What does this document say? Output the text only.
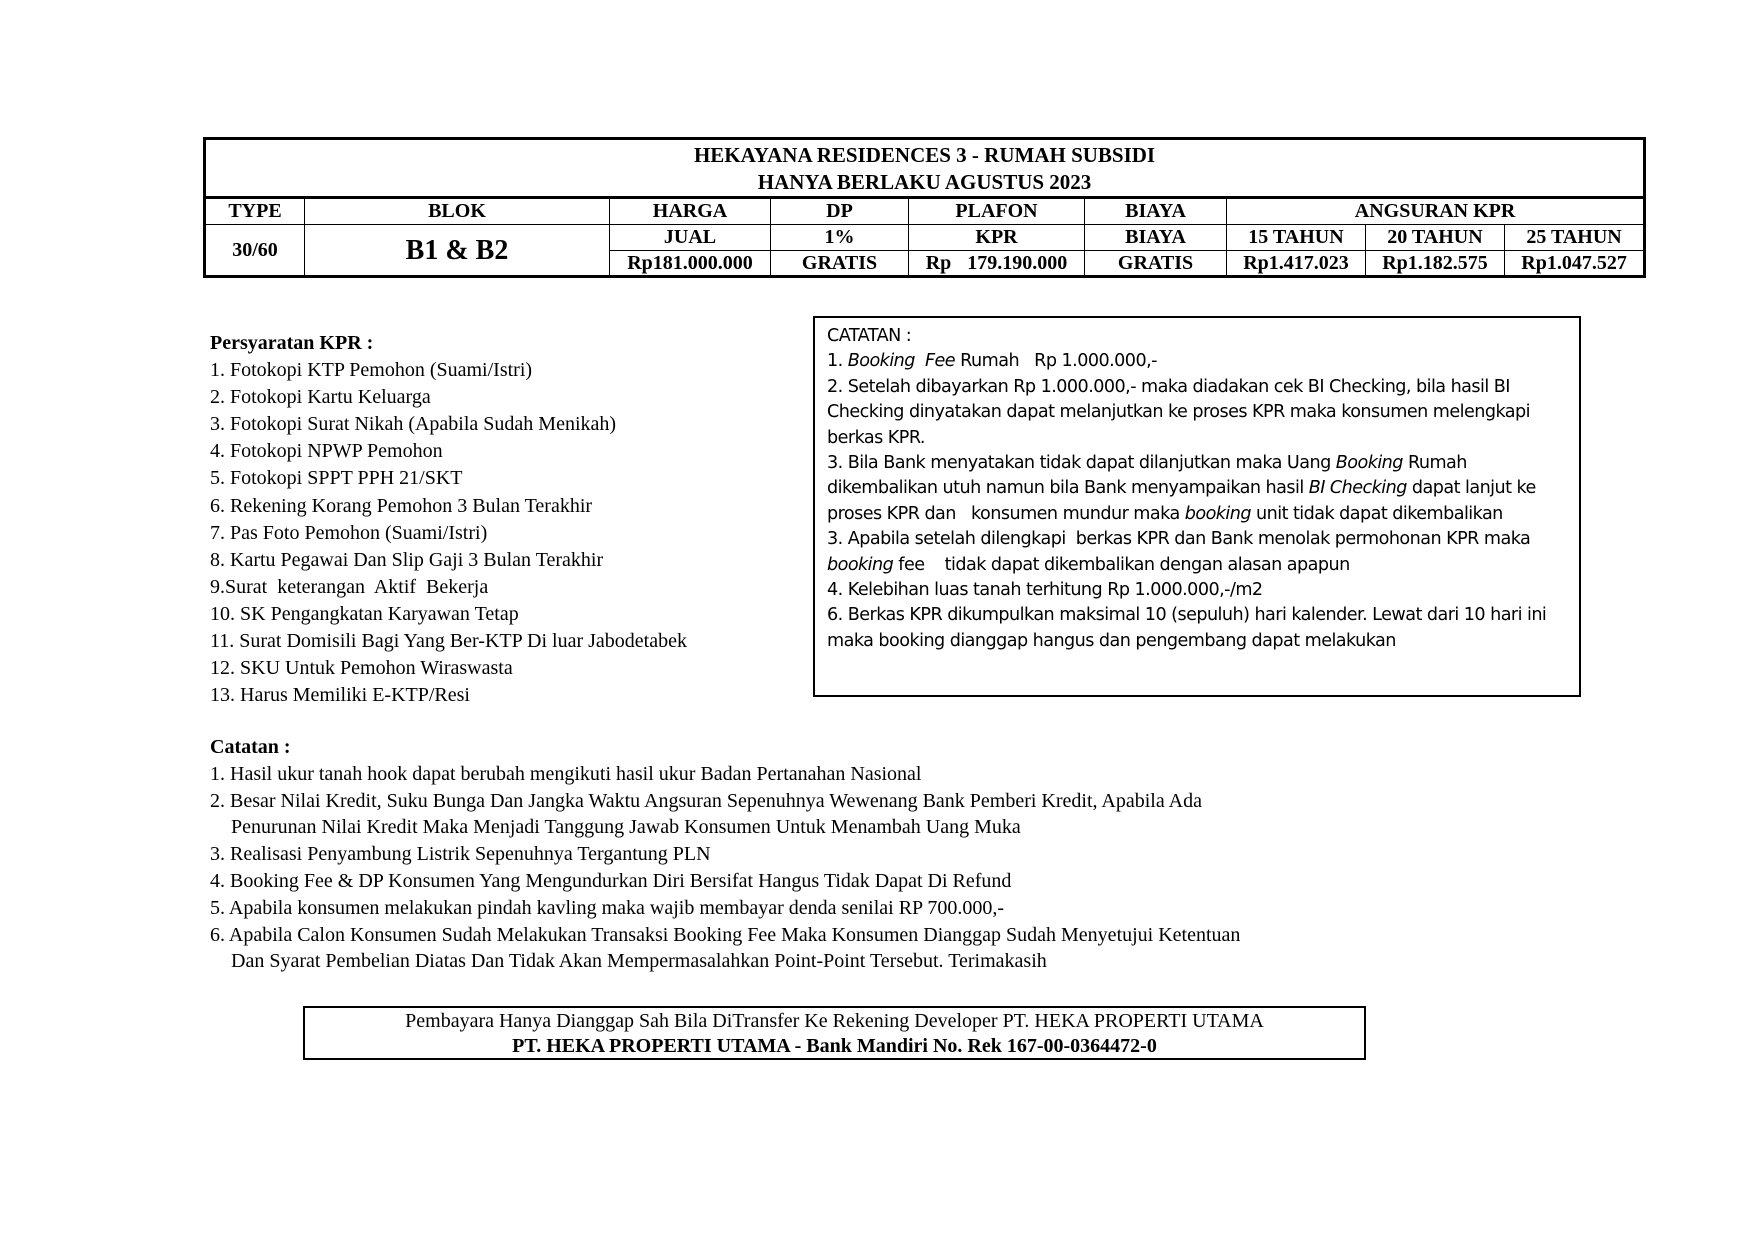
HEKAYANA RESIDENCES 3 - RUMAH SUBSIDI
HANYA BERLAKU AGUSTUS 2023								

TYPE	BLOK	HARGA	DP	PLAFON	BIAYA	ANGSURAN KPR		
30/60	B1 & B2	JUAL	1%	KPR	BIAYA	15 TAHUN	20 TAHUN	25 TAHUN
		Rp181.000.000	GRATIS	Rp 179.190.000	GRATIS	Rp1.417.023	Rp1.182.575	Rp1.047.527
Persyaratan KPR :
1. Fotokopi KTP Pemohon (Suami/Istri)
2. Fotokopi Kartu Keluarga
3. Fotokopi Surat Nikah (Apabila Sudah Menikah)
4. Fotokopi NPWP Pemohon
5. Fotokopi SPPT PPH 21/SKT
6. Rekening Korang Pemohon 3 Bulan Terakhir
7. Pas Foto Pemohon (Suami/Istri)
8. Kartu Pegawai Dan Slip Gaji 3 Bulan Terakhir
9.Surat  keterangan  Aktif  Bekerja
10. SK Pengangkatan Karyawan Tetap
11. Surat Domisili Bagi Yang Ber-KTP Di luar Jabodetabek
12. SKU Untuk Pemohon Wiraswasta
13. Harus Memiliki E-KTP/Resi

CATATAN :

1. Booking  Fee Rumah   Rp 1.000.000,-

2. Setelah dibayarkan Rp 1.000.000,- maka diadakan cek BI Checking, bila hasil BI Checking dinyatakan dapat melanjutkan ke proses KPR maka konsumen melengkapi berkas KPR.

3. Bila Bank menyatakan tidak dapat dilanjutkan maka Uang Booking Rumah dikembalikan utuh namun bila Bank menyampaikan hasil BI Checking dapat lanjut ke proses KPR dan   konsumen mundur maka booking unit tidak dapat dikembalikan

3. Apabila setelah dilengkapi  berkas KPR dan Bank menolak permohonan KPR maka booking fee    tidak dapat dikembalikan dengan alasan apapun

4. Kelebihan luas tanah terhitung Rp 1.000.000,-/m2

6. Berkas KPR dikumpulkan maksimal 10 (sepuluh) hari kalender. Lewat dari 10 hari ini maka booking dianggap hangus dan pengembang dapat melakukan

Catatan :
1. Hasil ukur tanah hook dapat berubah mengikuti hasil ukur Badan Pertanahan Nasional
2. Besar Nilai Kredit, Suku Bunga Dan Jangka Waktu Angsuran Sepenuhnya Wewenang Bank Pemberi Kredit, Apabila Ada
Penurunan Nilai Kredit Maka Menjadi Tanggung Jawab Konsumen Untuk Menambah Uang Muka
3. Realisasi Penyambung Listrik Sepenuhnya Tergantung PLN
4. Booking Fee & DP Konsumen Yang Mengundurkan Diri Bersifat Hangus Tidak Dapat Di Refund
5. Apabila konsumen melakukan pindah kavling maka wajib membayar denda senilai RP 700.000,-
6. Apabila Calon Konsumen Sudah Melakukan Transaksi Booking Fee Maka Konsumen Dianggap Sudah Menyetujui Ketentuan
Dan Syarat Pembelian Diatas Dan Tidak Akan Mempermasalahkan Point-Point Tersebut. Terimakasih
Pembayara Hanya Dianggap Sah Bila DiTransfer Ke Rekening Developer PT. HEKA PROPERTI UTAMA
PT. HEKA PROPERTI UTAMA - Bank Mandiri No. Rek 167-00-0364472-0
